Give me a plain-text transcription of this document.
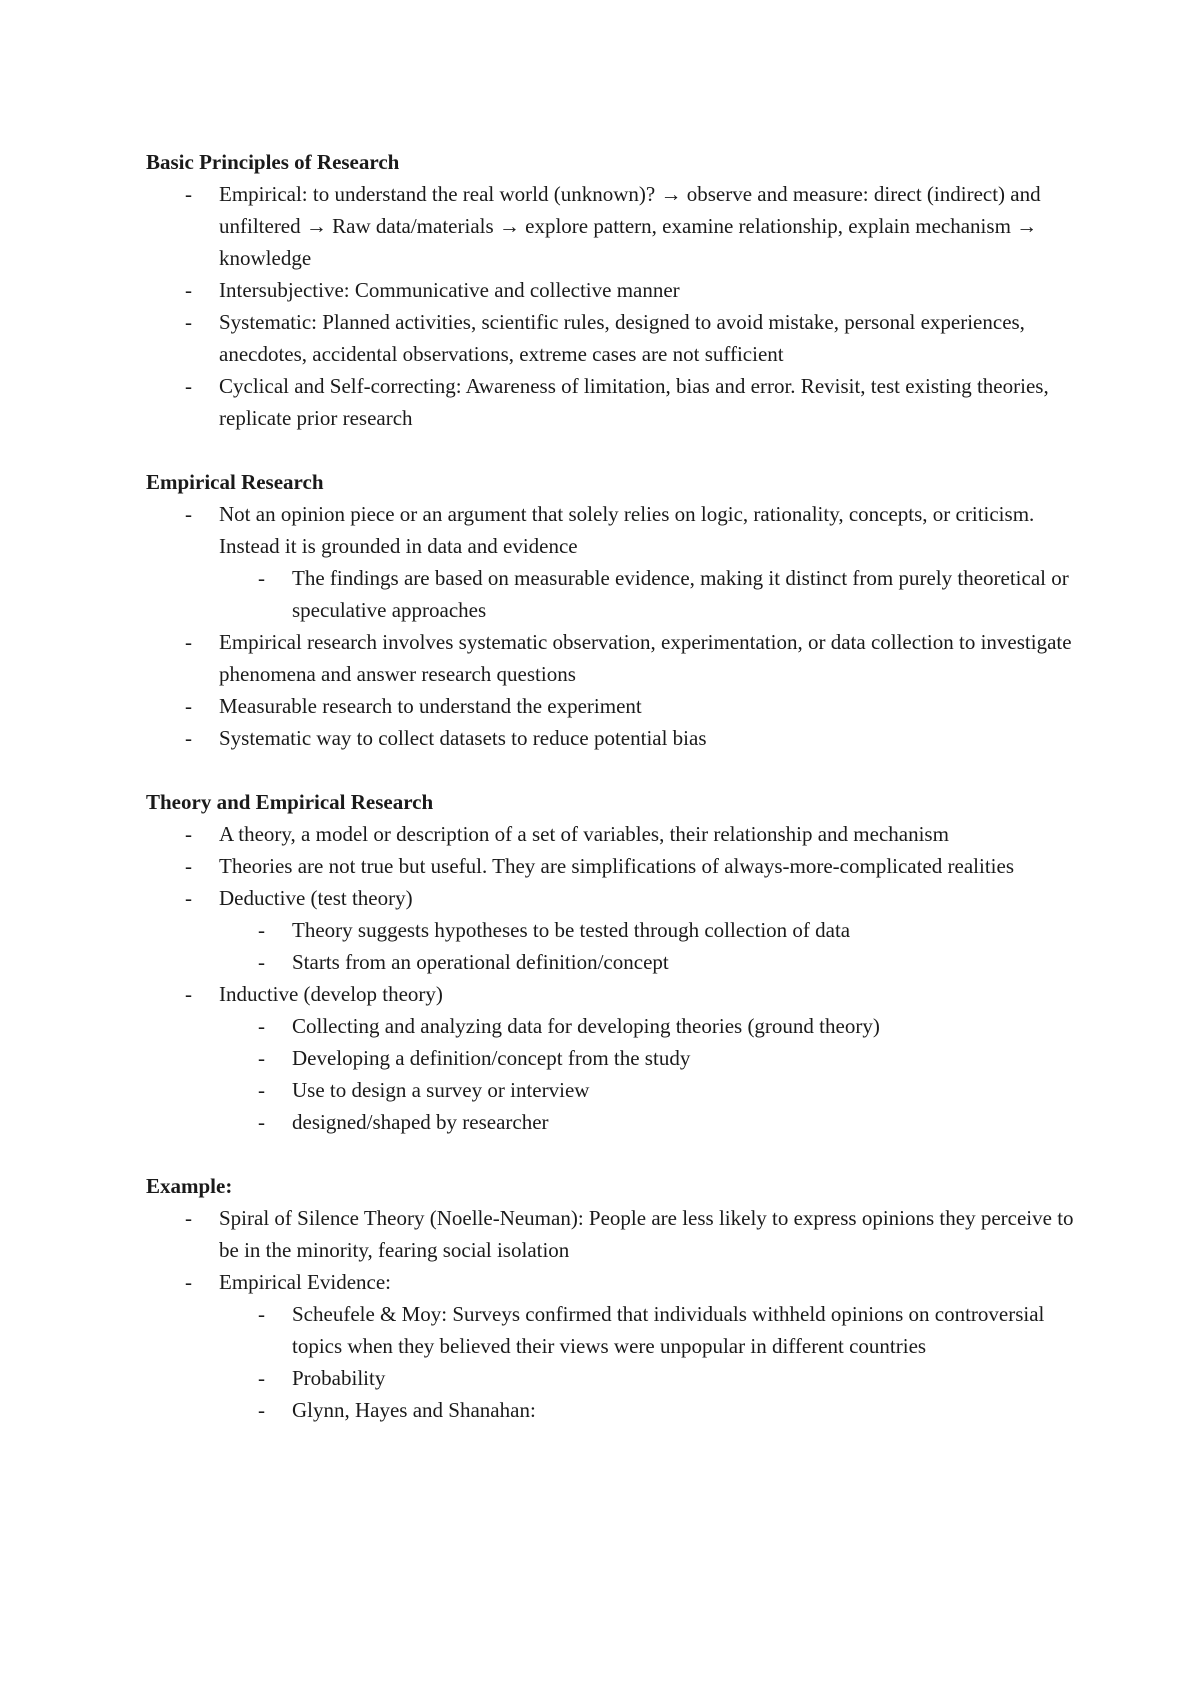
Basic Principles of Research
- Empirical: to understand the real world (unknown)? → observe and measure: direct (indirect) and unfiltered → Raw data/materials → explore pattern, examine relationship, explain mechanism → knowledge
- Intersubjective: Communicative and collective manner
- Systematic: Planned activities, scientific rules, designed to avoid mistake, personal experiences, anecdotes, accidental observations, extreme cases are not sufficient
- Cyclical and Self-correcting: Awareness of limitation, bias and error. Revisit, test existing theories, replicate prior research
Empirical Research
- Not an opinion piece or an argument that solely relies on logic, rationality, concepts, or criticism. Instead it is grounded in data and evidence
- The findings are based on measurable evidence, making it distinct from purely theoretical or speculative approaches
- Empirical research involves systematic observation, experimentation, or data collection to investigate phenomena and answer research questions
- Measurable research to understand the experiment
- Systematic way to collect datasets to reduce potential bias
Theory and Empirical Research
- A theory, a model or description of a set of variables, their relationship and mechanism
- Theories are not true but useful. They are simplifications of always-more-complicated realities
- Deductive (test theory)
- Theory suggests hypotheses to be tested through collection of data
- Starts from an operational definition/concept
- Inductive (develop theory)
- Collecting and analyzing data for developing theories (ground theory)
- Developing a definition/concept from the study
- Use to design a survey or interview
- designed/shaped by researcher
Example:
- Spiral of Silence Theory (Noelle-Neuman): People are less likely to express opinions they perceive to be in the minority, fearing social isolation
- Empirical Evidence:
- Scheufele & Moy: Surveys confirmed that individuals withheld opinions on controversial topics when they believed their views were unpopular in different countries
- Probability
- Glynn, Hayes and Shanahan:
